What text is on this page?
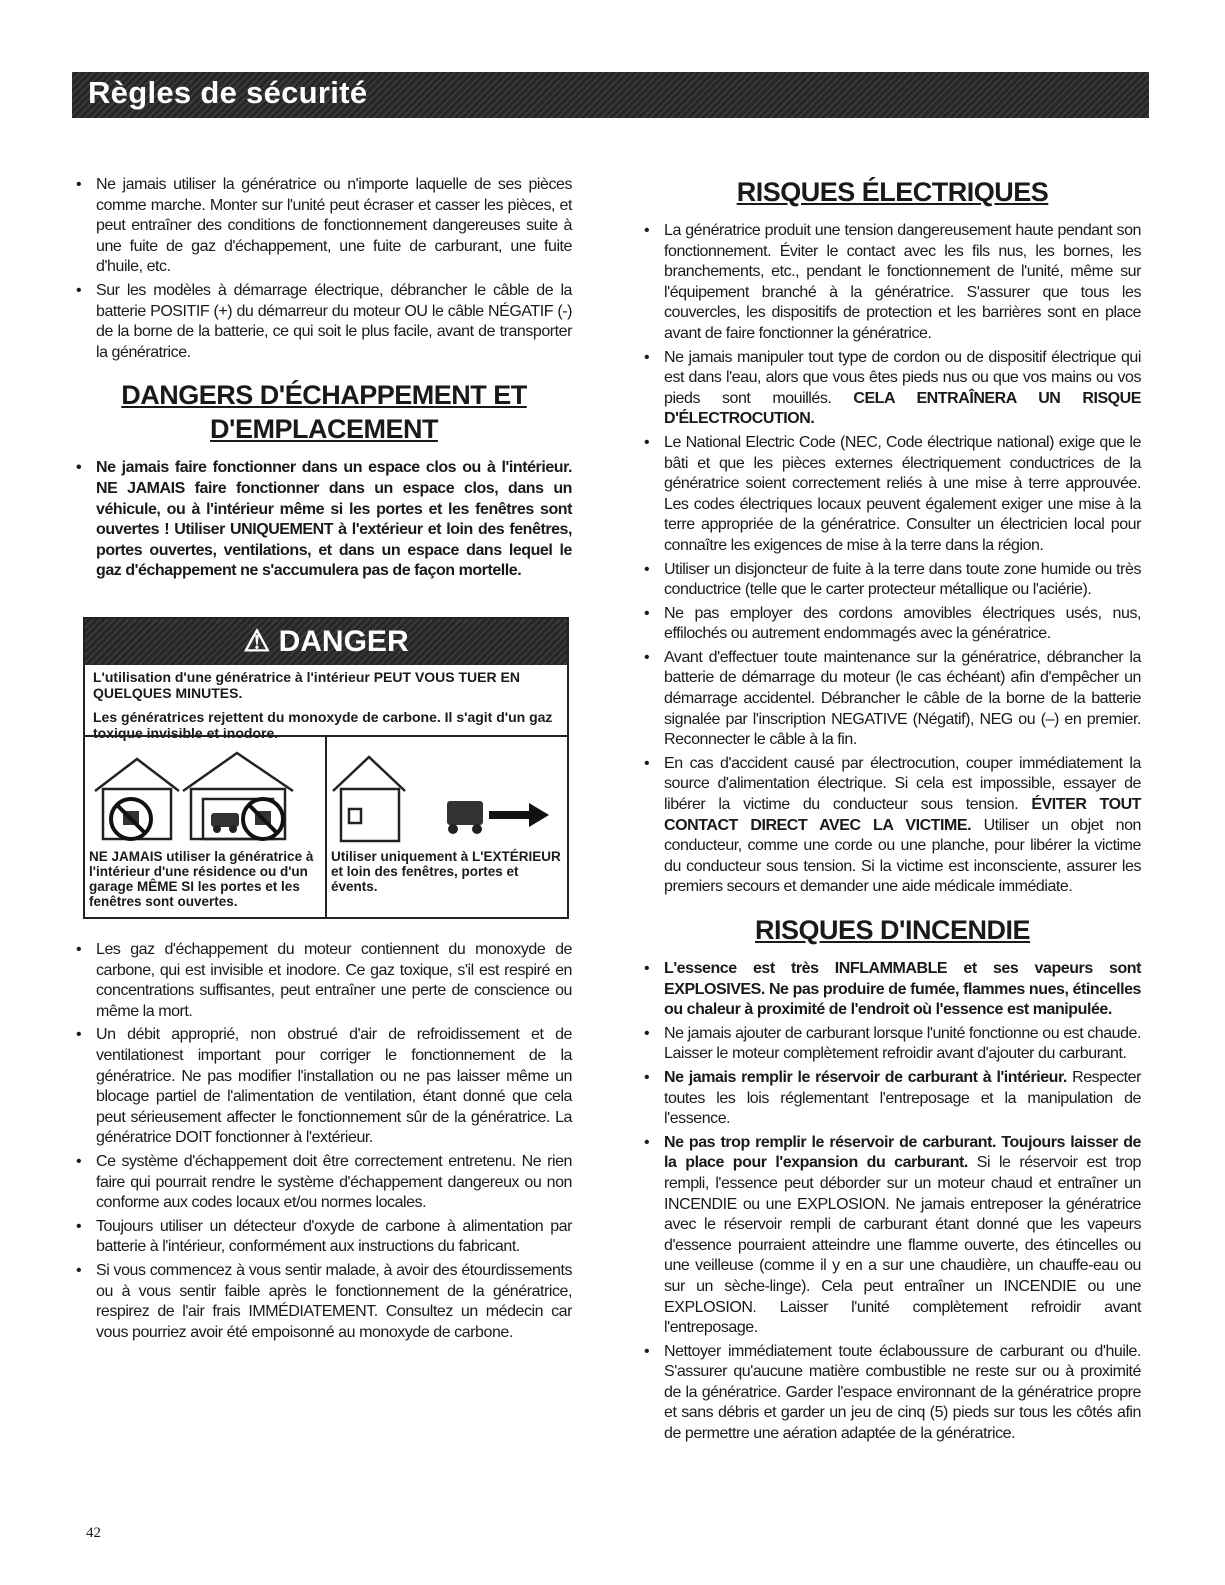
Règles de sécurité
• Ne jamais utiliser la génératrice ou n'importe laquelle de ses pièces comme marche. Monter sur l'unité peut écraser et casser les pièces, et peut entraîner des conditions de fonctionnement dangereuses suite à une fuite de gaz d'échappement, une fuite de carburant, une fuite d'huile, etc.
• Sur les modèles à démarrage électrique, débrancher le câble de la batterie POSITIF (+) du démarreur du moteur OU le câble NÉGATIF (-) de la borne de la batterie, ce qui soit le plus facile, avant de transporter la génératrice.
DANGERS D'ÉCHAPPEMENT ET
D'EMPLACEMENT
• Ne jamais faire fonctionner dans un espace clos ou à l'intérieur. NE JAMAIS faire fonctionner dans un espace clos, dans un véhicule, ou à l'intérieur même si les portes et les fenêtres sont ouvertes ! Utiliser UNIQUEMENT à l'extérieur et loin des fenêtres, portes ouvertes, ventilations, et dans un espace dans lequel le gaz d'échappement ne s'accumulera pas de façon mortelle.
⚠ DANGER

L'utilisation d'une génératrice à l'intérieur PEUT VOUS TUER EN QUELQUES MINUTES.

Les génératrices rejettent du monoxyde de carbone. Il s'agit d'un gaz toxique invisible et inodore.

NE JAMAIS utiliser la génératrice à l'intérieur d'une résidence ou d'un garage MÊME SI les portes et les fenêtres sont ouvertes.
Utiliser uniquement à L'EXTÉRIEUR et loin des fenêtres, portes et évents.
• Les gaz d'échappement du moteur contiennent du monoxyde de carbone, qui est invisible et inodore. Ce gaz toxique, s'il est respiré en concentrations suffisantes, peut entraîner une perte de conscience ou même la mort.
• Un débit approprié, non obstrué d'air de refroidissement et de ventilationest important pour corriger le fonctionnement de la génératrice. Ne pas modifier l'installation ou ne pas laisser même un blocage partiel de l'alimentation de ventilation, étant donné que cela peut sérieusement affecter le fonctionnement sûr de la génératrice. La génératrice DOIT fonctionner à l'extérieur.
• Ce système d'échappement doit être correctement entretenu. Ne rien faire qui pourrait rendre le système d'échappement dangereux ou non conforme aux codes locaux et/ou normes locales.
• Toujours utiliser un détecteur d'oxyde de carbone à alimentation par batterie à l'intérieur, conformément aux instructions du fabricant.
• Si vous commencez à vous sentir malade, à avoir des étourdissements ou à vous sentir faible après le fonctionnement de la génératrice, respirez de l'air frais IMMÉDIATEMENT. Consultez un médecin car vous pourriez avoir été empoisonné au monoxyde de carbone.
RISQUES ÉLECTRIQUES
• La génératrice produit une tension dangereusement haute pendant son fonctionnement. Éviter le contact avec les fils nus, les bornes, les branchements, etc., pendant le fonctionnement de l'unité, même sur l'équipement branché à la génératrice. S'assurer que tous les couvercles, les dispositifs de protection et les barrières sont en place avant de faire fonctionner la génératrice.
• Ne jamais manipuler tout type de cordon ou de dispositif électrique qui est dans l'eau, alors que vous êtes pieds nus ou que vos mains ou vos pieds sont mouillés. CELA ENTRAÎNERA UN RISQUE D'ÉLECTROCUTION.
• Le National Electric Code (NEC, Code électrique national) exige que le bâti et que les pièces externes électriquement conductrices de la génératrice soient correctement reliés à une mise à terre approuvée. Les codes électriques locaux peuvent également exiger une mise à la terre appropriée de la génératrice. Consulter un électricien local pour connaître les exigences de mise à la terre dans la région.
• Utiliser un disjoncteur de fuite à la terre dans toute zone humide ou très conductrice (telle que le carter protecteur métallique ou l'aciérie).
• Ne pas employer des cordons amovibles électriques usés, nus, effilochés ou autrement endommagés avec la génératrice.
• Avant d'effectuer toute maintenance sur la génératrice, débrancher la batterie de démarrage du moteur (le cas échéant) afin d'empêcher un démarrage accidentel. Débrancher le câble de la borne de la batterie signalée par l'inscription NEGATIVE (Négatif), NEG ou (–) en premier. Reconnecter le câble à la fin.
• En cas d'accident causé par électrocution, couper immédiatement la source d'alimentation électrique. Si cela est impossible, essayer de libérer la victime du conducteur sous tension. ÉVITER TOUT CONTACT DIRECT AVEC LA VICTIME. Utiliser un objet non conducteur, comme une corde ou une planche, pour libérer la victime du conducteur sous tension. Si la victime est inconsciente, assurer les premiers secours et demander une aide médicale immédiate.
RISQUES D'INCENDIE
• L'essence est très INFLAMMABLE et ses vapeurs sont EXPLOSIVES. Ne pas produire de fumée, flammes nues, étincelles ou chaleur à proximité de l'endroit où l'essence est manipulée.
• Ne jamais ajouter de carburant lorsque l'unité fonctionne ou est chaude. Laisser le moteur complètement refroidir avant d'ajouter du carburant.
• Ne jamais remplir le réservoir de carburant à l'intérieur. Respecter toutes les lois réglementant l'entreposage et la manipulation de l'essence.
• Ne pas trop remplir le réservoir de carburant. Toujours laisser de la place pour l'expansion du carburant. Si le réservoir est trop rempli, l'essence peut déborder sur un moteur chaud et entraîner un INCENDIE ou une EXPLOSION. Ne jamais entreposer la génératrice avec le réservoir rempli de carburant étant donné que les vapeurs d'essence pourraient atteindre une flamme ouverte, des étincelles ou une veilleuse (comme il y en a sur une chaudière, un chauffe-eau ou sur un sèche-linge). Cela peut entraîner un INCENDIE ou une EXPLOSION. Laisser l'unité complètement refroidir avant l'entreposage.
• Nettoyer immédiatement toute éclaboussure de carburant ou d'huile. S'assurer qu'aucune matière combustible ne reste sur ou à proximité de la génératrice. Garder l'espace environnant de la génératrice propre et sans débris et garder un jeu de cinq (5) pieds sur tous les côtés afin de permettre une aération adaptée de la génératrice.
42
